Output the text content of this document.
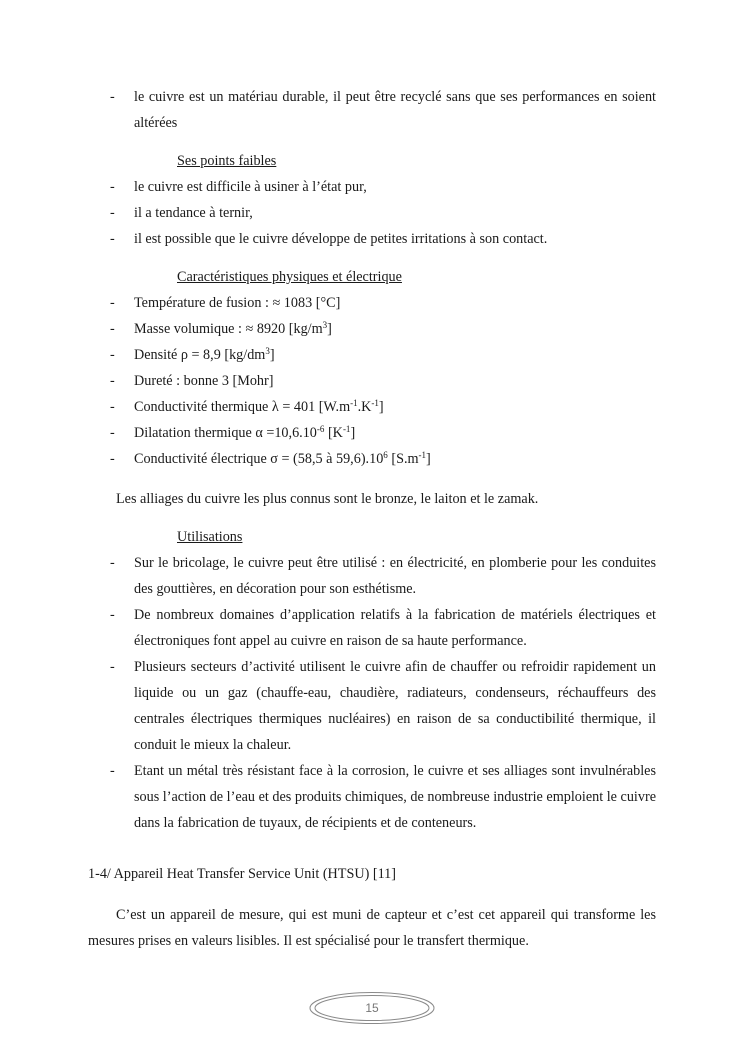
-	le cuivre est un matériau durable, il peut être recyclé sans que ses performances en soient altérées
Ses points faibles
-	le cuivre est difficile à usiner à l’état pur,
-	il a tendance à ternir,
-	il est possible que le cuivre développe de petites irritations à son contact.
Caractéristiques physiques et électrique
-	Température de fusion : ≈ 1083 [°C]
-	Masse volumique : ≈ 8920 $[kg/m^3]$
-	Densité ρ = 8,9 $[kg/dm^3]$
-	Dureté : bonne 3 [Mohr]
-	Conductivité thermique λ = 401 $[W.m^{-1}.K^{-1}]$
-	Dilatation thermique $\alpha =10,6.10^{-6}$ $[K^{-1}]$
-	Conductivité électrique σ = (58,5 à $59,6).10^6$ $[S.m^{-1}]$
Les alliages du cuivre les plus connus sont le bronze, le laiton et le zamak.
Utilisations
-	Sur le bricolage, le cuivre peut être utilisé : en électricité, en plomberie pour les conduites des gouttières, en décoration pour son esthétisme.
-	De nombreux domaines d’application relatifs à la fabrication de matériels électriques et électroniques font appel au cuivre en raison de sa haute performance.
-	Plusieurs secteurs d’activité utilisent le cuivre afin de chauffer ou refroidir rapidement un liquide ou un gaz (chauffe-eau, chaudière, radiateurs, condenseurs, réchauffeurs des centrales électriques thermiques nucléaires) en raison de sa conductibilité thermique, il conduit le mieux la chaleur.
-	Etant un métal très résistant face à la corrosion, le cuivre et ses alliages sont invulnérables sous l’action de l’eau et des produits chimiques, de nombreuse industrie emploient le cuivre dans la fabrication de tuyaux, de récipients et de conteneurs.
1-4/ Appareil Heat Transfer Service Unit (HTSU) [11]
C’est un appareil de mesure, qui est muni de capteur et c’est cet appareil qui transforme les mesures prises en valeurs lisibles. Il est spécialisé pour le transfert thermique.
15
